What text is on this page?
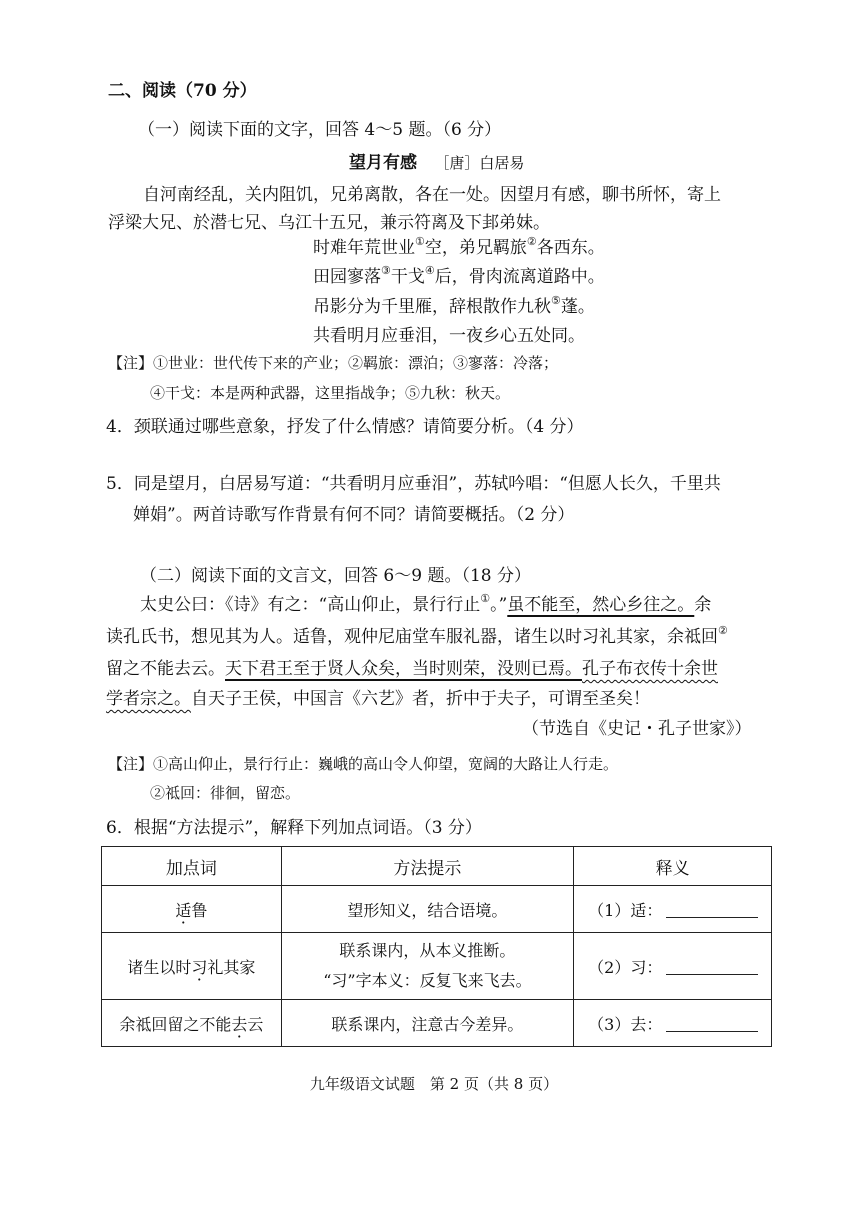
二、阅读（70 分）
（一）阅读下面的文字，回答 4～5 题。（6 分）
望月有感 ［唐］白居易
自河南经乱，关内阻饥，兄弟离散，各在一处。因望月有感，聊书所怀，寄上
浮梁大兄、於潜七兄、乌江十五兄，兼示符离及下邽弟妹。
时难年荒世业①空，弟兄羁旅②各西东。
田园寥落③干戈④后，骨肉流离道路中。
吊影分为千里雁，辞根散作九秋⑤蓬。
共看明月应垂泪，一夜乡心五处同。
【注】①世业：世代传下来的产业；②羁旅：漂泊；③寥落：冷落；
④干戈：本是两种武器，这里指战争；⑤九秋：秋天。
4．颈联通过哪些意象，抒发了什么情感？请简要分析。（4 分）
5．同是望月，白居易写道：“共看明月应垂泪”，苏轼吟唱：“但愿人长久，千里共
婵娟”。两首诗歌写作背景有何不同？请简要概括。（2 分）
（二）阅读下面的文言文，回答 6～9 题。（18 分）
太史公曰：《诗》有之：“高山仰止，景行行止①。”虽不能至，然心乡往之。余
读孔氏书，想见其为人。适鲁，观仲尼庙堂车服礼器，诸生以时习礼其家，余祗回②
留之不能去云。天下君王至于贤人众矣，当时则荣，没则已焉。孔子布衣传十余世
学者宗之。自天子王侯，中国言《六艺》者，折中于夫子，可谓至圣矣！
（节选自《史记・孔子世家》）
【注】①高山仰止，景行行止：巍峨的高山令人仰望，宽阔的大路让人行走。
②祗回：徘徊，留恋。
6．根据“方法提示”，解释下列加点词语。（3 分）
加点词	方法提示	释义
适鲁	望形知义，结合语境。	（1）适：
诸生以时习礼其家	联系课内，从本义推断。
“习”字本义：反复飞来飞去。	（2）习：
余祗回留之不能去云	联系课内，注意古今差异。	（3）去：
九年级语文试题　第 2 页（共 8 页）
